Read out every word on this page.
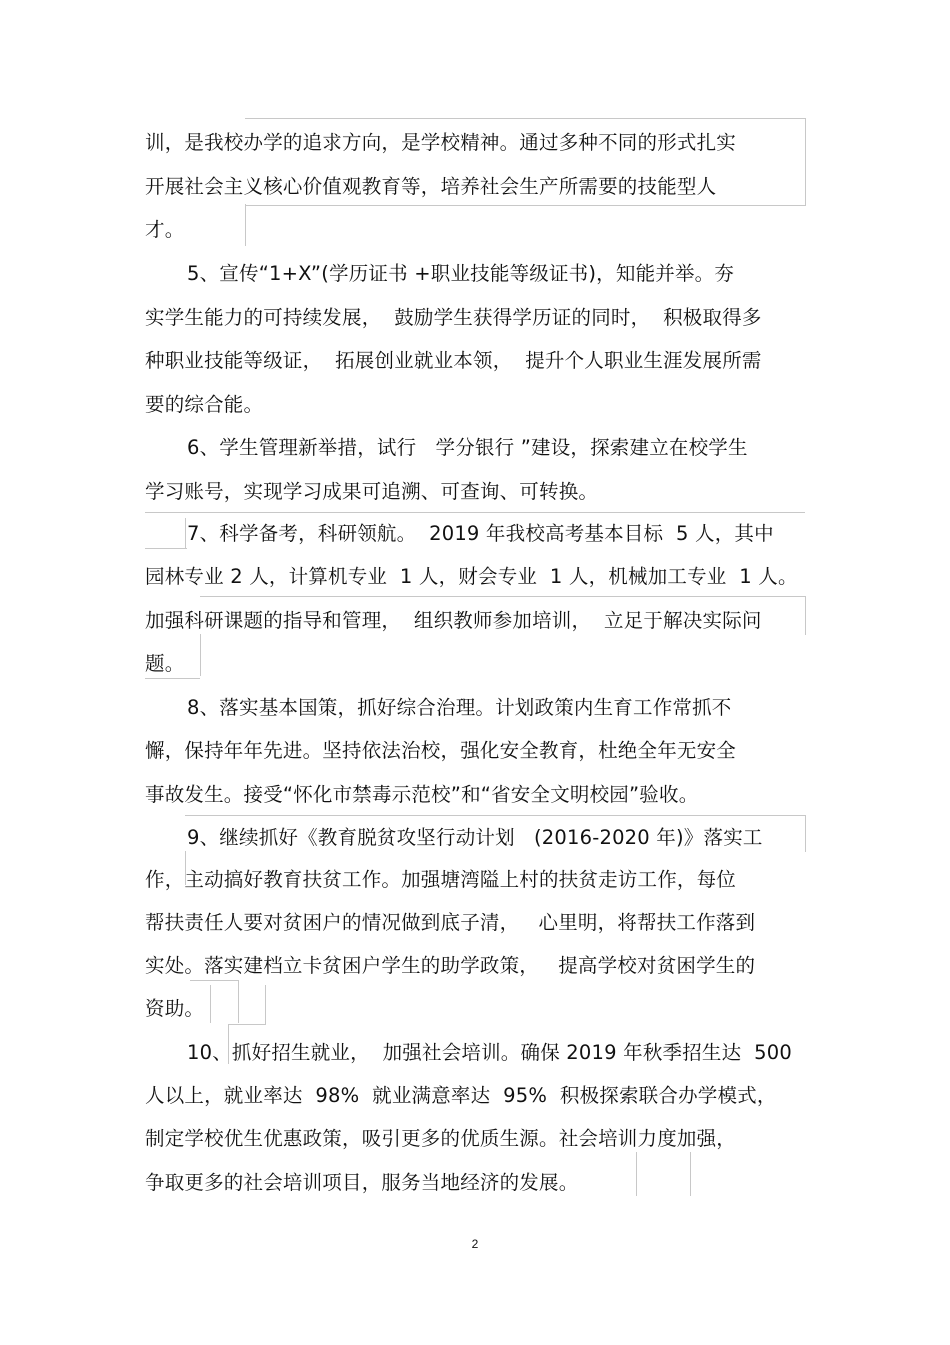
训，是我校办学的追求方向，是学校精神。通过多种不同的形式扎实
开展社会主义核心价值观教育等，培养社会生产所需要的技能型人
才。
5、宣传“1+X”(学历证书 +职业技能等级证书)，知能并举。夯
实学生能力的可持续发展，  鼓励学生获得学历证的同时，  积极取得多
种职业技能等级证，  拓展创业就业本领，  提升个人职业生涯发展所需
要的综合能。
6、学生管理新举措，试行   学分银行 ”建设，探索建立在校学生
学习账号，实现学习成果可追溯、可查询、可转换。
7、科学备考，科研领航。  2019 年我校高考基本目标  5 人，其中
园林专业 2 人，计算机专业  1 人，财会专业  1 人，机械加工专业  1 人。
加强科研课题的指导和管理，  组织教师参加培训，  立足于解决实际问
题。
8、落实基本国策，抓好综合治理。计划政策内生育工作常抓不
懈，保持年年先进。坚持依法治校，强化安全教育，杜绝全年无安全
事故发生。接受“怀化市禁毒示范校”和“省安全文明校园”验收。
9、继续抓好《教育脱贫攻坚行动计划   (2016-2020 年)》落实工
作，主动搞好教育扶贫工作。加强塘湾隘上村的扶贫走访工作，每位
帮扶责任人要对贫困户的情况做到底子清，   心里明，将帮扶工作落到
实处。落实建档立卡贫困户学生的助学政策，   提高学校对贫困学生的
资助。
10、抓好招生就业，  加强社会培训。确保 2019 年秋季招生达  500
人以上，就业率达  98%  就业满意率达  95%  积极探索联合办学模式，
制定学校优生优惠政策，吸引更多的优质生源。社会培训力度加强，
争取更多的社会培训项目，服务当地经济的发展。
2
